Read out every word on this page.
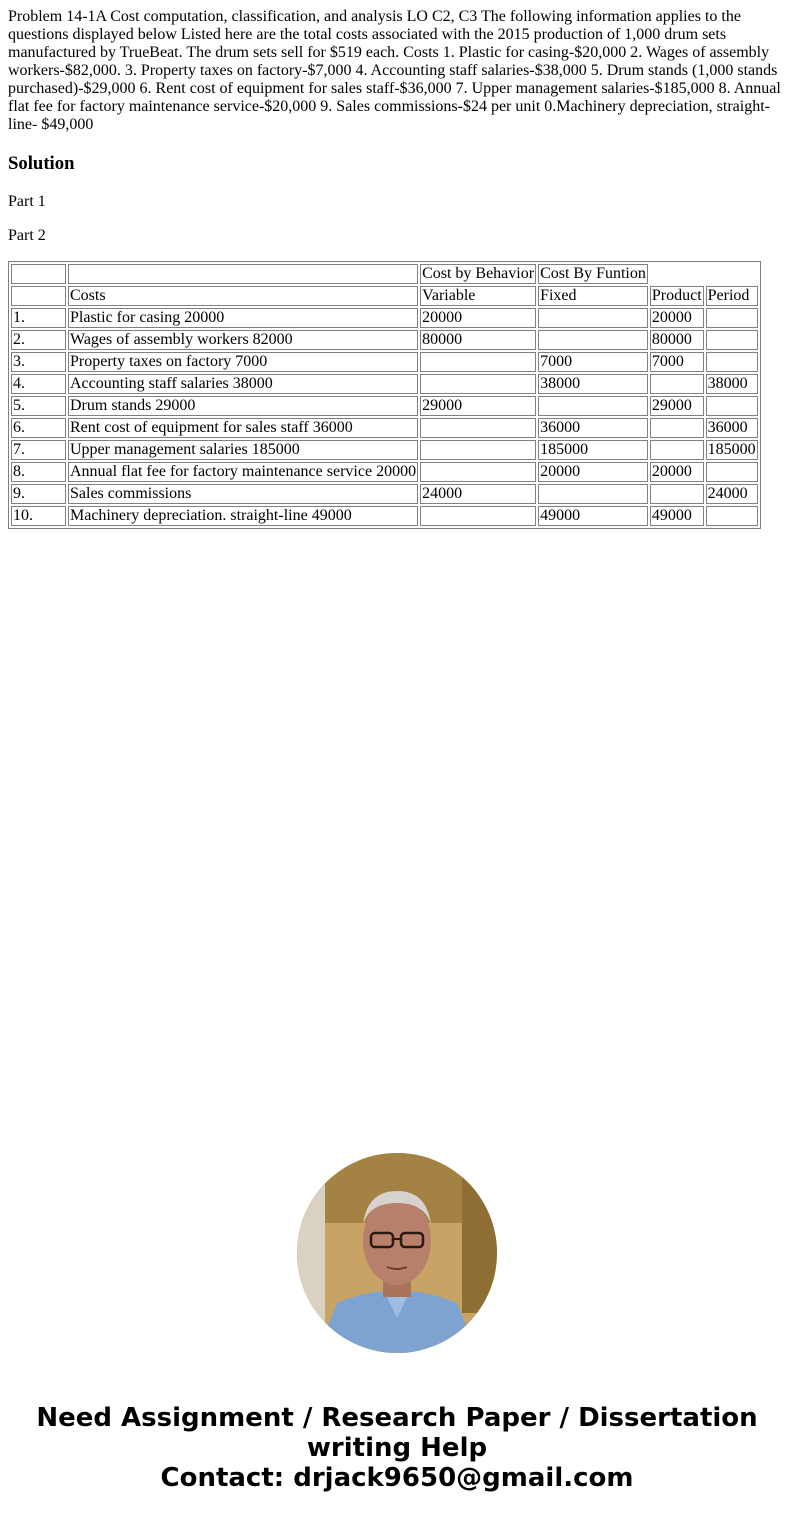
Problem 14-1A Cost computation, classification, and analysis LO C2, C3 The following information applies to the questions displayed below Listed here are the total costs associated with the 2015 production of 1,000 drum sets manufactured by TrueBeat. The drum sets sell for $519 each. Costs 1. Plastic for casing-$20,000 2. Wages of assembly workers-$82,000. 3. Property taxes on factory-$7,000 4. Accounting staff salaries-$38,000 5. Drum stands (1,000 stands purchased)-$29,000 6. Rent cost of equipment for sales staff-$36,000 7. Upper management salaries-$185,000 8. Annual flat fee for factory maintenance service-$20,000 9. Sales commissions-$24 per unit 0.Machinery depreciation, straight-line- $49,000

Solution

Part 1

Part 2

		Cost by Behavior	Cost By Funtion		
	Costs	Variable	Fixed	Product	Period
1.	Plastic for casing 20000	20000		20000	
2.	Wages of assembly workers 82000	80000		80000	
3.	Property taxes on factory 7000		7000	7000	
4.	Accounting staff salaries 38000		38000		38000
5.	Drum stands 29000	29000		29000	
6.	Rent cost of equipment for sales staff 36000		36000		36000
7.	Upper management salaries 185000		185000		185000
8.	Annual flat fee for factory maintenance service 20000		20000	20000	
9.	Sales commissions	24000			24000
10.	Machinery depreciation. straight-line 49000		49000	49000	
Need Assignment / Research Paper / Dissertation
writing Help
Contact: drjack9650@gmail.com
